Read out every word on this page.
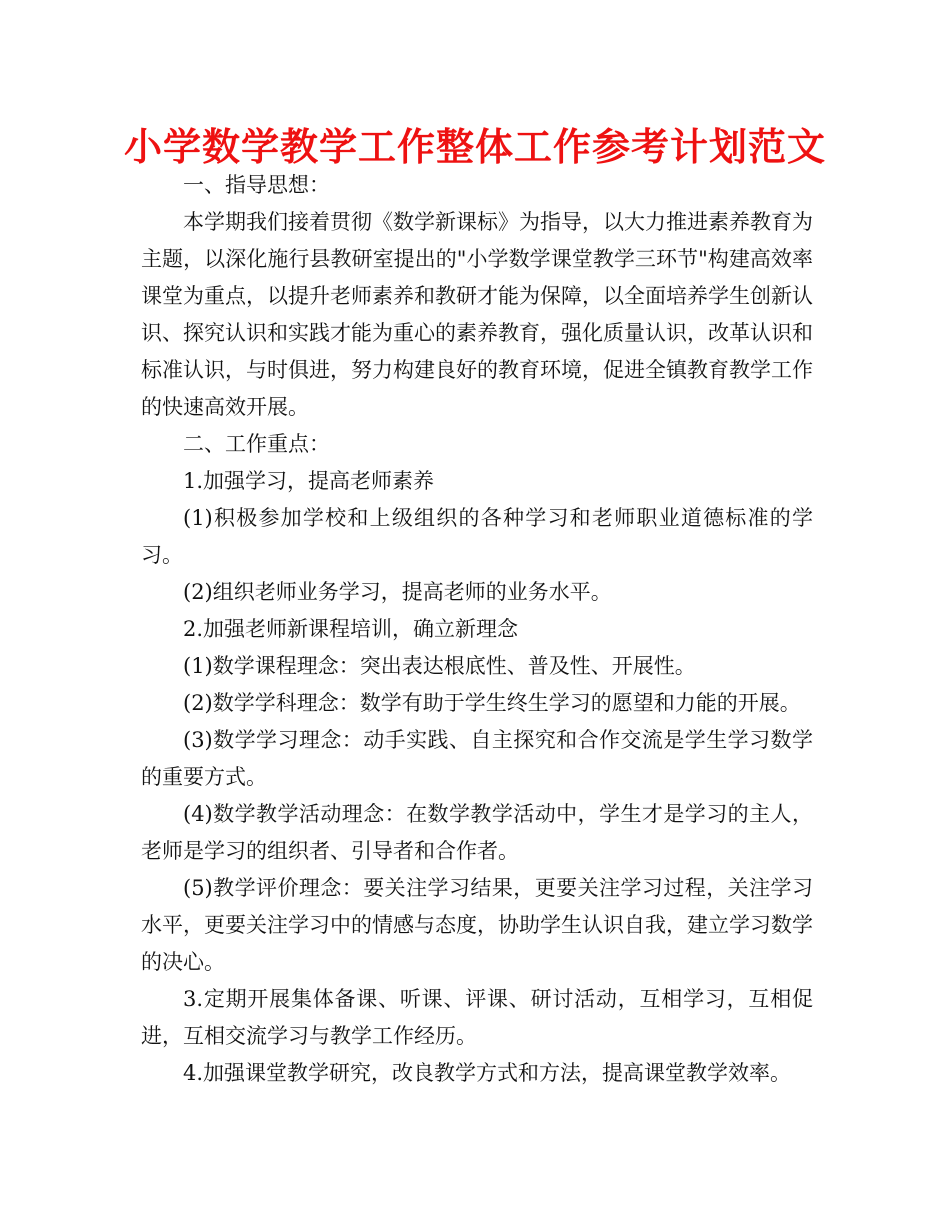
小学数学教学工作整体工作参考计划范文

一、指导思想：

本学期我们接着贯彻《数学新课标》为指导，以大力推进素养教育为主题，以深化施行县教研室提出的"小学数学课堂教学三环节"构建高效率课堂为重点，以提升老师素养和教研才能为保障，以全面培养学生创新认识、探究认识和实践才能为重心的素养教育，强化质量认识，改革认识和标准认识，与时俱进，努力构建良好的教育环境，促进全镇教育教学工作的快速高效开展。

二、工作重点：

1.加强学习，提高老师素养

(1)积极参加学校和上级组织的各种学习和老师职业道德标准的学习。

(2)组织老师业务学习，提高老师的业务水平。

2.加强老师新课程培训，确立新理念

(1)数学课程理念：突出表达根底性、普及性、开展性。

(2)数学学科理念：数学有助于学生终生学习的愿望和力能的开展。

(3)数学学习理念：动手实践、自主探究和合作交流是学生学习数学的重要方式。

(4)数学教学活动理念：在数学教学活动中，学生才是学习的主人，老师是学习的组织者、引导者和合作者。

(5)教学评价理念：要关注学习结果，更要关注学习过程，关注学习水平，更要关注学习中的情感与态度，协助学生认识自我，建立学习数学的决心。

3.定期开展集体备课、听课、评课、研讨活动，互相学习，互相促进，互相交流学习与教学工作经历。

4.加强课堂教学研究，改良教学方式和方法，提高课堂教学效率。
